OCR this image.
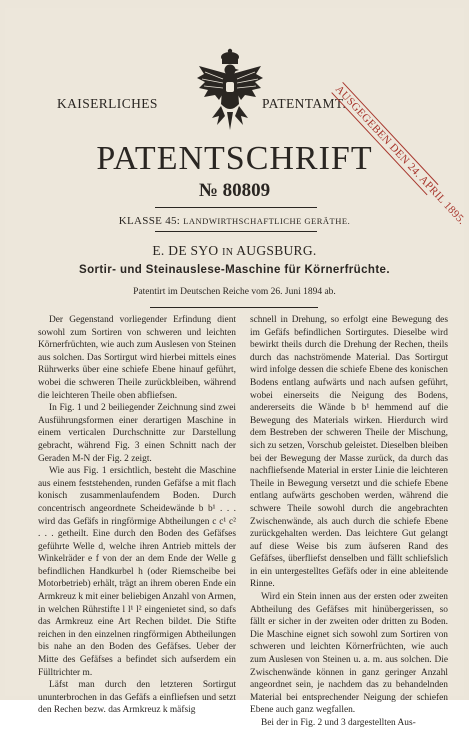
KAISERLICHES	PATENTAMT.
AUSGEGEBEN DEN 24. APRIL 1895.
PATENTSCHRIFT
№ 80809
KLASSE 45: LANDWIRTHSCHAFTLICHE GERÄTHE.
E. DE SYO IN AUGSBURG.
Sortir- und Steinauslese-Maschine für Körnerfrüchte.
Patentirt im Deutschen Reiche vom 26. Juni 1894 ab.

Der Gegenstand vorliegender Erfindung dient sowohl zum Sortiren von schweren und leichten Körnerfrüchten, wie auch zum Auslesen von Steinen aus solchen. Das Sortirgut wird hierbei mittels eines Rührwerks über eine schiefe Ebene hinauf geführt, wobei die schweren Theile zurückbleiben, während die leichteren Theile oben abfliefsen.

In Fig. 1 und 2 beiliegender Zeichnung sind zwei Ausführungsformen einer derartigen Maschine in einem verticalen Durchschnitte zur Darstellung gebracht, während Fig. 3 einen Schnitt nach der Geraden M-N der Fig. 2 zeigt.

Wie aus Fig. 1 ersichtlich, besteht die Maschine aus einem feststehenden, runden Gefäfse a mit flach konisch zusammenlaufendem Boden. Durch concentrisch angeordnete Scheidewände b b¹ . . . wird das Gefäfs in ringförmige Abtheilungen c c¹ c² . . . getheilt. Eine durch den Boden des Gefäfses geführte Welle d, welche ihren Antrieb mittels der Winkelräder e f von der an dem Ende der Welle g befindlichen Handkurbel h (oder Riemscheibe bei Motorbetrieb) erhält, trägt an ihrem oberen Ende ein Armkreuz k mit einer beliebigen Anzahl von Armen, in welchen Rührstifte l l¹ l² eingenietet sind, so dafs das Armkreuz eine Art Rechen bildet. Die Stifte reichen in den einzelnen ringförmigen Abtheilungen bis nahe an den Boden des Gefäfses. Ueber der Mitte des Gefäfses a befindet sich aufserdem ein Fülltrichter m.

Läfst man durch den letzteren Sortirgut ununterbrochen in das Gefäfs a einfliefsen und setzt den Rechen bezw. das Armkreuz k mäfsig

schnell in Drehung, so erfolgt eine Bewegung des im Gefäfs befindlichen Sortirgutes. Dieselbe wird bewirkt theils durch die Drehung der Rechen, theils durch das nachströmende Material. Das Sortirgut wird infolge dessen die schiefe Ebene des konischen Bodens entlang aufwärts und nach aufsen geführt, wobei einerseits die Neigung des Bodens, andererseits die Wände b b¹ hemmend auf die Bewegung des Materials wirken. Hierdurch wird dem Bestreben der schweren Theile der Mischung, sich zu setzen, Vorschub geleistet. Dieselben bleiben bei der Bewegung der Masse zurück, da durch das nachfliefsende Material in erster Linie die leichteren Theile in Bewegung versetzt und die schiefe Ebene entlang aufwärts geschoben werden, während die schwere Theile sowohl durch die angebrachten Zwischenwände, als auch durch die schiefe Ebene zurückgehalten werden. Das leichtere Gut gelangt auf diese Weise bis zum äufseren Rand des Gefäfses, überfliefst denselben und fällt schliefslich in ein untergestelltes Gefäfs oder in eine ableitende Rinne.

Wird ein Stein innen aus der ersten oder zweiten Abtheilung des Gefäfses mit hinübergerissen, so fällt er sicher in der zweiten oder dritten zu Boden. Die Maschine eignet sich sowohl zum Sortiren von schweren und leichten Körnerfrüchten, wie auch zum Auslesen von Steinen u. a. m. aus solchen. Die Zwischenwände können in ganz geringer Anzahl angeordnet sein, je nachdem das zu behandelnden Material bei entsprechender Neigung der schiefen Ebene auch ganz wegfallen.

Bei der in Fig. 2 und 3 dargestellten Aus-
